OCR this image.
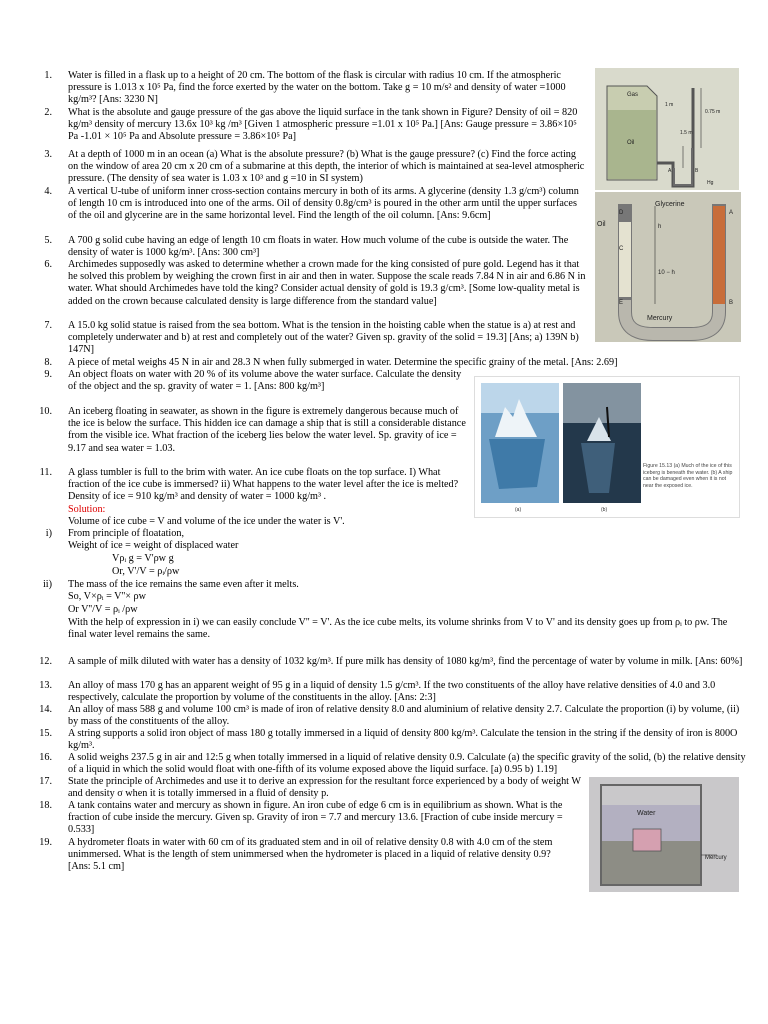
1. Water is filled in a flask up to a height of 20 cm. The bottom of the flask is circular with radius 10 cm. If the atmospheric pressure is 1.013 x 10⁵ Pa, find the force exerted by the water on the bottom. Take g = 10 m/s² and density of water =1000 kg/m³? [Ans: 3230 N]
2. What is the absolute and gauge pressure of the gas above the liquid surface in the tank shown in Figure? Density of oil = 820 kg/m³ density of mercury 13.6x 10³ kg /m³ [Given 1 atmospheric pressure =1.01 x 10⁵ Pa.] [Ans: Gauge pressure = 3.86×10⁵ Pa -1.01 × 10⁵ Pa and Absolute pressure = 3.86×10⁵ Pa]
3. At a depth of 1000 m in an ocean (a) What is the absolute pressure? (b) What is the gauge pressure? (c) Find the force acting on the window of area 20 cm x 20 cm of a submarine at this depth, the interior of which is maintained at sea-level atmospheric pressure. (The density of sea water is 1.03 x 10³ and g =10 in SI system)
4. A vertical U-tube of uniform inner cross-section contains mercury in both of its arms. A glycerine (density 1.3 g/cm³) column of length 10 cm is introduced into one of the arms. Oil of density 0.8g/cm³ is poured in the other arm until the upper surfaces of the oil and glycerine are in the same horizontal level. Find the length of the oil column. [Ans: 9.6cm]
5. A 700 g solid cube having an edge of length 10 cm floats in water. How much volume of the cube is outside the water. The density of water is 1000 kg/m³. [Ans: 300 cm³]
6. Archimedes supposedly was asked to determine whether a crown made for the king consisted of pure gold. Legend has it that he solved this problem by weighing the crown first in air and then in water. Suppose the scale reads 7.84 N in air and 6.86 N in water. What should Archimedes have told the king? Consider actual density of gold is 19.3 g/cm³. [Some low-quality metal is added on the crown because calculated density is large difference from the standard value]
7. A 15.0 kg solid statue is raised from the sea bottom. What is the tension in the hoisting cable when the statue is a) at rest and completely underwater and b) at rest and completely out of the water? Given sp. gravity of the solid = 19.3] [Ans; a) 139N b) 147N]
8. A piece of metal weighs 45 N in air and 28.3 N when fully submerged in water. Determine the specific grainy of the metal. [Ans: 2.69]
9. An object floats on water with 20 % of its volume above the water surface. Calculate the density of the object and the sp. gravity of water = 1. [Ans: 800 kg/m³]
10. An iceberg floating in seawater, as shown in the figure is extremely dangerous because much of the ice is below the surface. This hidden ice can damage a ship that is still a considerable distance from the visible ice. What fraction of the iceberg lies below the water level. Sp. gravity of ice = 9.17 and sea water = 1.03.
11. A glass tumbler is full to the brim with water. An ice cube floats on the top surface. I) What fraction of the ice cube is immersed? ii) What happens to the water level after the ice is melted? Density of ice = 910 kg/m³ and density of water = 1000 kg/m³ .
Solution:
Volume of ice cube = V and volume of the ice under the water is V'.
i) From principle of floatation,
Weight of ice = weight of displaced water
Vρᵢ g = V'ρw g
Or, V'/V = ρᵢ/ρw
ii) The mass of the ice remains the same even after it melts.
So, V×ρᵢ = V''× ρw
Or V''/V = ρᵢ /ρw
With the help of expression in i) we can easily conclude V'' = V'. As the ice cube melts, its volume shrinks from V to V' and its density goes up from ρᵢ to ρw. The final water level remains the same.
12. A sample of milk diluted with water has a density of 1032 kg/m³. If pure milk has density of 1080 kg/m³, find the percentage of water by volume in milk. [Ans: 60%]
13. An alloy of mass 170 g has an apparent weight of 95 g in a liquid of density 1.5 g/cm³. If the two constituents of the alloy have relative densities of 4.0 and 3.0 respectively, calculate the proportion by volume of the constituents in the alloy. [Ans: 2:3]
14. An alloy of mass 588 g and volume 100 cm³ is made of iron of relative density 8.0 and aluminium of relative density 2.7. Calculate the proportion (i) by volume, (ii) by mass of the constituents of the alloy.
15. A string supports a solid iron object of mass 180 g totally immersed in a liquid of density 800 kg/m³. Calculate the tension in the string if the density of iron is 800O kg/m³.
16. A solid weighs 237.5 g in air and 12:5 g when totally immersed in a liquid of relative density 0.9. Calculate (a) the specific gravity of the solid, (b) the relative density of a liquid in which the solid would float with one-fifth of its volume exposed above the liquid surface. [a) 0.95 b) 1.19]
17. State the principle of Archimedes and use it to derive an expression for the resultant force experienced by a body of weight W and density σ when it is totally immersed in a fluid of density p.
18. A tank contains water and mercury as shown in figure. An iron cube of edge 6 cm is in equilibrium as shown. What is the fraction of cube inside the mercury. Given sp. Gravity of iron = 7.7 and mercury 13.6. [Fraction of cube inside mercury = 0.533]
19. A hydrometer floats in water with 60 cm of its graduated stem and in oil of relative density 0.8 with 4.0 cm of the stem unimmersed. What is the length of stem unimmersed when the hydrometer is placed in a liquid of relative density 0.9? [Ans: 5.1 cm]
Gas
Oil
1 m
0.75 m
1.5 m
A	B
Hg
Glycerine
Oil
Mercury
D	A
C
E	B
h
10 − h
(a)	(b)
Figure 15.13 (a) Much of the ice of this iceberg is beneath the water. (b) A ship can be damaged even when it is not near the exposed ice.
Water
Mercury
